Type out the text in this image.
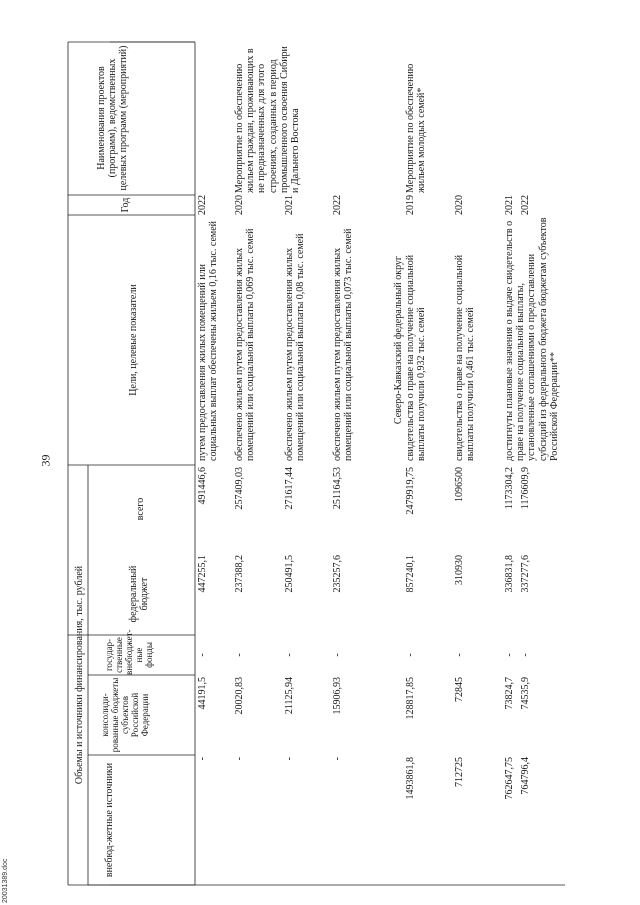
39
20031389.doc
Наименования проектов (программ), ведомственных целевых программ (мероприятий)
Год
Цели, целевые показатели
Объемы и источники финансирования, тыс. рублей
всего
федеральный бюджет
государ-ственные внебюджет-ные фонды
консолиди-рованные бюджеты субъектов Российской Федерации
внебюд-жетные источники
Северо-Кавказский федеральный округ
2022
путем предоставления жилых помещений или социальных выплат обеспечены жильем 0,16 тыс. семей
491446,6
447255,1
-
44191,5
-
Мероприятие по обеспечению жильем граждан, проживающих в не предназначенных для этого строениях, созданных в период промышленного освоения Сибири и Дальнего Востока
2020
обеспечено жильем путем предоставления жилых помещений или социальной выплаты 0,069 тыс. семей
257409,03
237388,2
-
20020,83
-
2021
обеспечено жильем путем предоставления жилых помещений или социальной выплаты 0,08 тыс. семей
271617,44
250491,5
-
21125,94
-
2022
обеспечено жильем путем предоставления жилых помещений или социальной выплаты 0,073 тыс. семей
251164,53
235257,6
-
15906,93
-
Мероприятие по обеспечению жильем молодых семей*
2019
свидетельства о праве на получение социальной выплаты получили 0,932 тыс. семей
2479919,75
857240,1
-
128817,85
1493861,8
2020
свидетельства о праве на получение социальной выплаты получили 0,461 тыс. семей
1096500
310930
-
72845
712725
2021
достигнуты плановые значения о выдаче свидетельств о праве на получение социальной выплаты, установленные соглашениями о предоставлении субсидий из федерального бюджета бюджетам субъектов Российской Федерации**
1173304,2
336831,8
-
73824,7
762647,75
2022
1176609,9
337277,6
-
74535,9
764796,4
